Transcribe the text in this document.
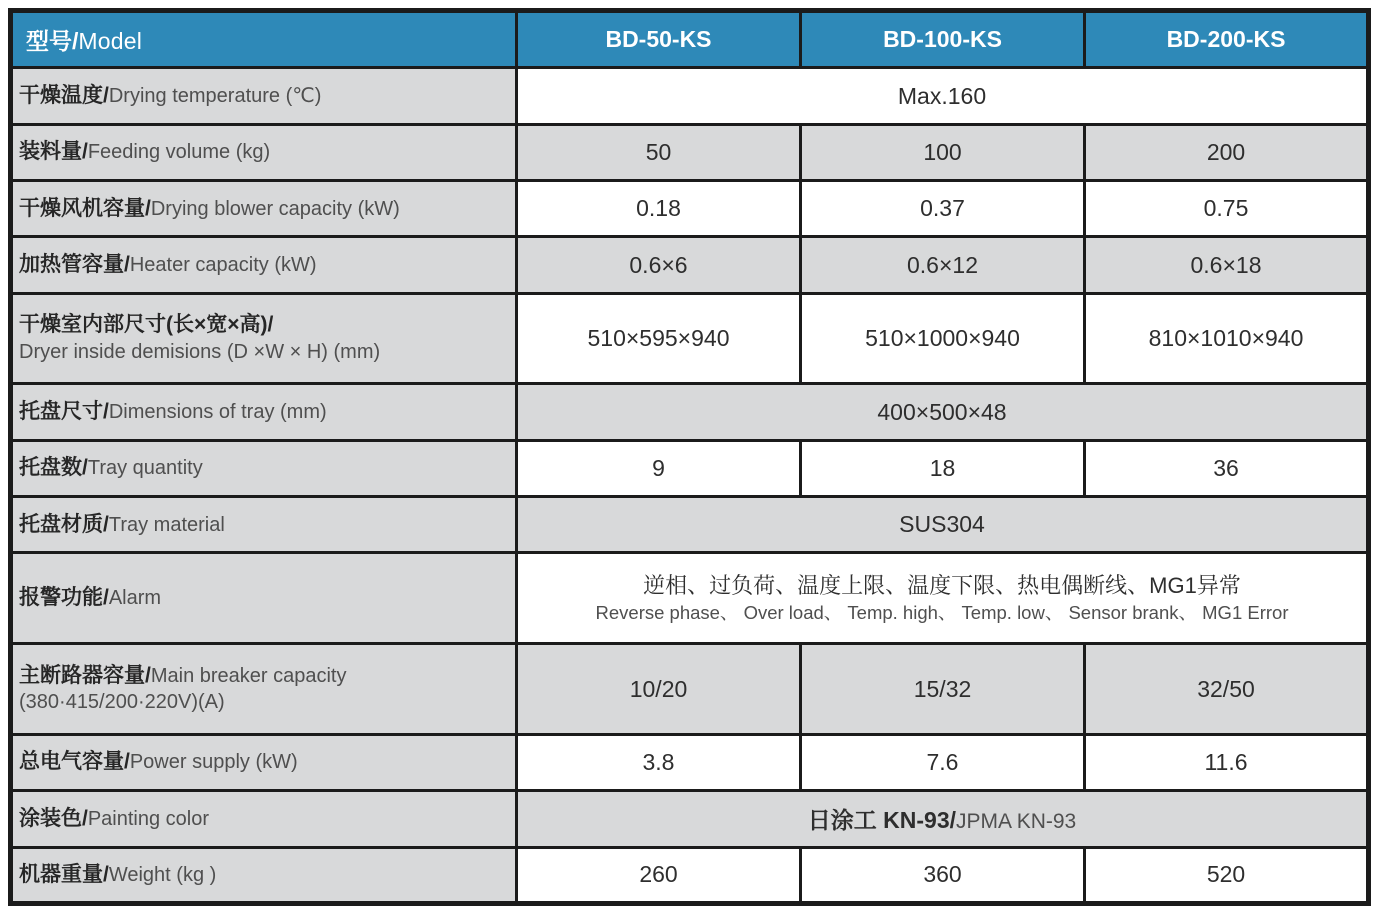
型号/Model	BD-50-KS	BD-100-KS	BD-200-KS
干燥温度/Drying temperature (℃)	Max.160		
装料量/Feeding volume (kg)	50	100	200
干燥风机容量/Drying blower capacity (kW)	0.18	0.37	0.75
加热管容量/Heater capacity (kW)	0.6×6	0.6×12	0.6×18
干燥室内部尺寸(长×宽×高)/
Dryer inside demisions (D ×W × H) (mm)	510×595×940	510×1000×940	810×1010×940
托盘尺寸/Dimensions of tray (mm)	400×500×48		
托盘数/Tray quantity	9	18	36
托盘材质/Tray material	SUS304		
报警功能/Alarm	逆相、过负荷、温度上限、温度下限、热电偶断线、MG1异常
Reverse phase、 Over load、 Temp. high、 Temp. low、 Sensor brank、 MG1 Error		

主断路器容量/Main breaker capacity
(380·415/200·220V)(A)	10/20	15/32	32/50
总电气容量/Power supply (kW)	3.8	7.6	11.6
涂装色/Painting color	日涂工 KN-93/JPMA KN-93		
机器重量/Weight (kg )	260	360	520
